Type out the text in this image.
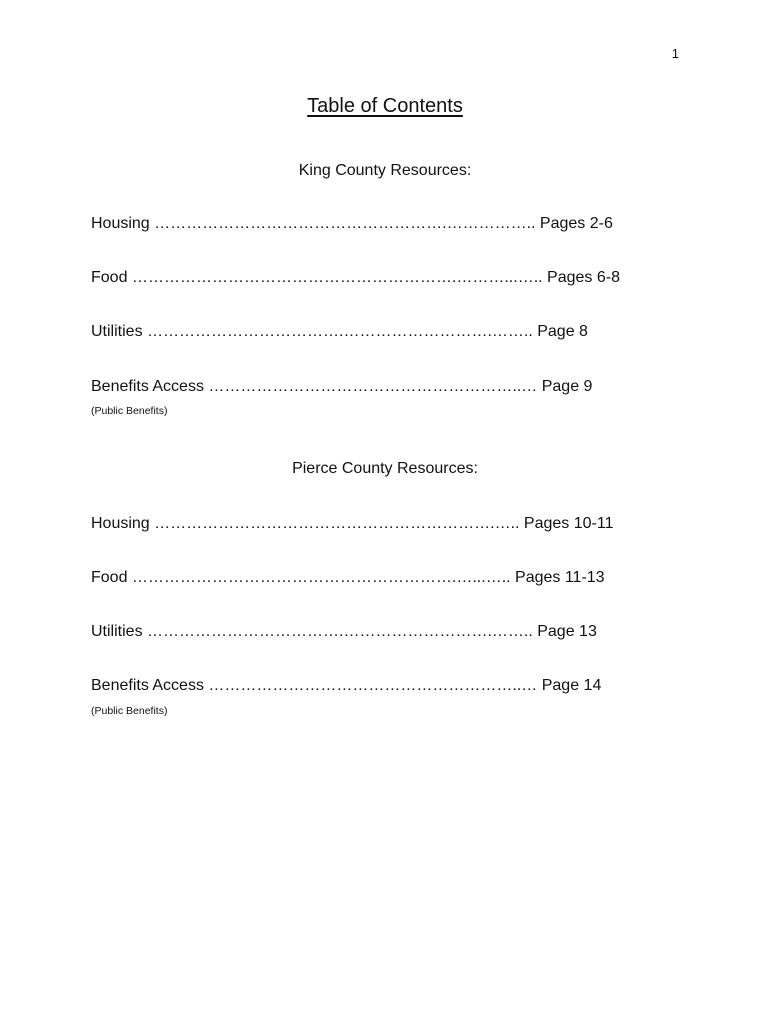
1
Table of Contents
King County Resources:
Housing ……………………………………………….…………….. Pages 2-6
Food …………………………………………………….………...….. Pages 6-8
Utilities ……………………………….……………………….…….. Page 8
Benefits Access …………………………………………………..… Page 9
(Public Benefits)
Pierce County Resources:
Housing ……………………………………………………….….. Pages 10-11
Food …………………………………………………….…...….. Pages 11-13
Utilities ……………………………….……………………….…….. Page 13
Benefits Access …………………………………………………..… Page 14
(Public Benefits)
